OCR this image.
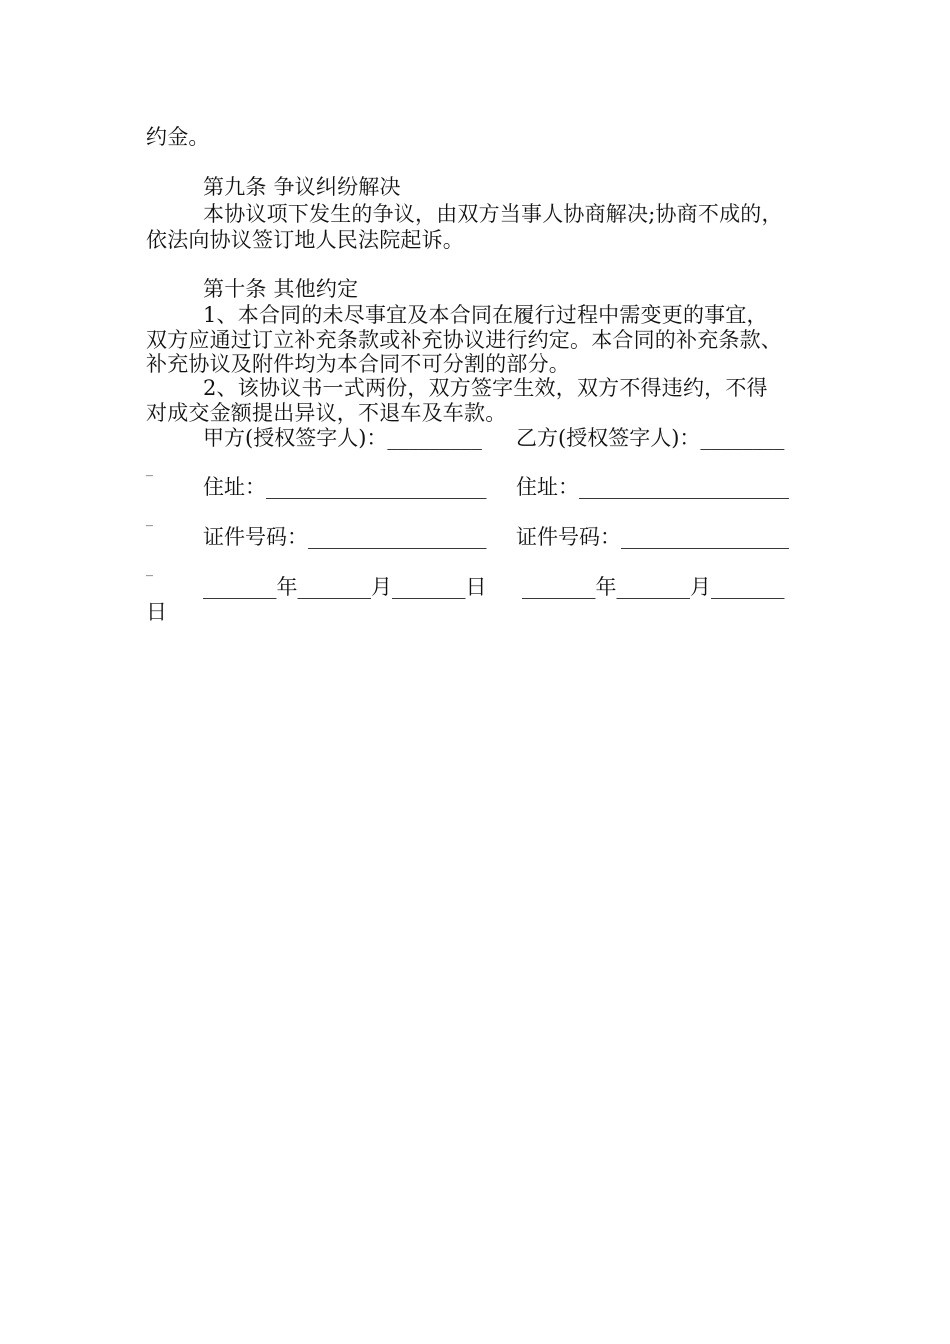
约金。
第九条 争议纠纷解决
本协议项下发生的争议，由双方当事人协商解决;协商不成的，
依法向协议签订地人民法院起诉。
第十条 其他约定
1、本合同的未尽事宜及本合同在履行过程中需变更的事宜，
双方应通过订立补充条款或补充协议进行约定。本合同的补充条款、
补充协议及附件均为本合同不可分割的部分。
2、该协议书一式两份，双方签字生效，双方不得违约，不得
对成交金额提出异议，不退车及车款。
甲方(授权签字人)：_________ 乙方(授权签字人)：________
_
住址：_____________________ 住址：____________________
_
证件号码：_________________ 证件号码：________________
_
_______年_______月_______日 _______年_______月_______
日
